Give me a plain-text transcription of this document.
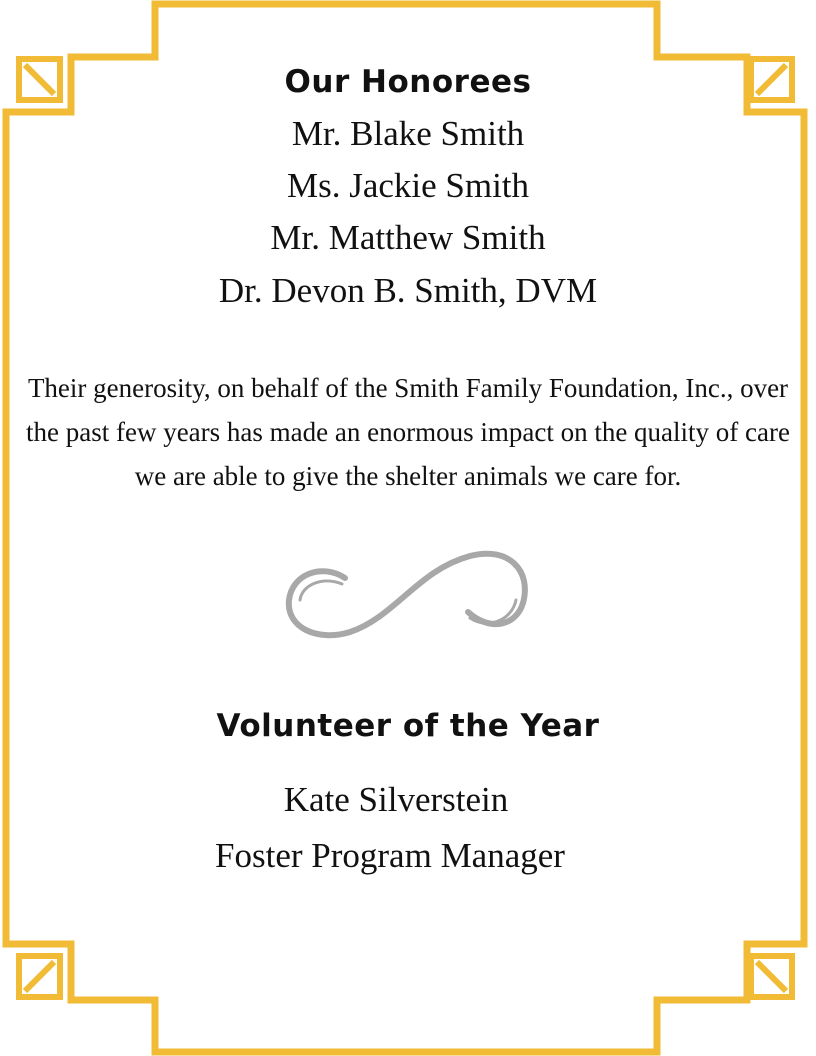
Our Honorees

Mr. Blake Smith

Ms. Jackie Smith

Mr. Matthew Smith

Dr. Devon B. Smith, DVM

Their generosity, on behalf of the Smith Family Foundation, Inc., over the past few years has made an enormous impact on the quality of care we are able to give the shelter animals we care for.

Volunteer of the Year

Kate Silverstein

Foster Program Manager
